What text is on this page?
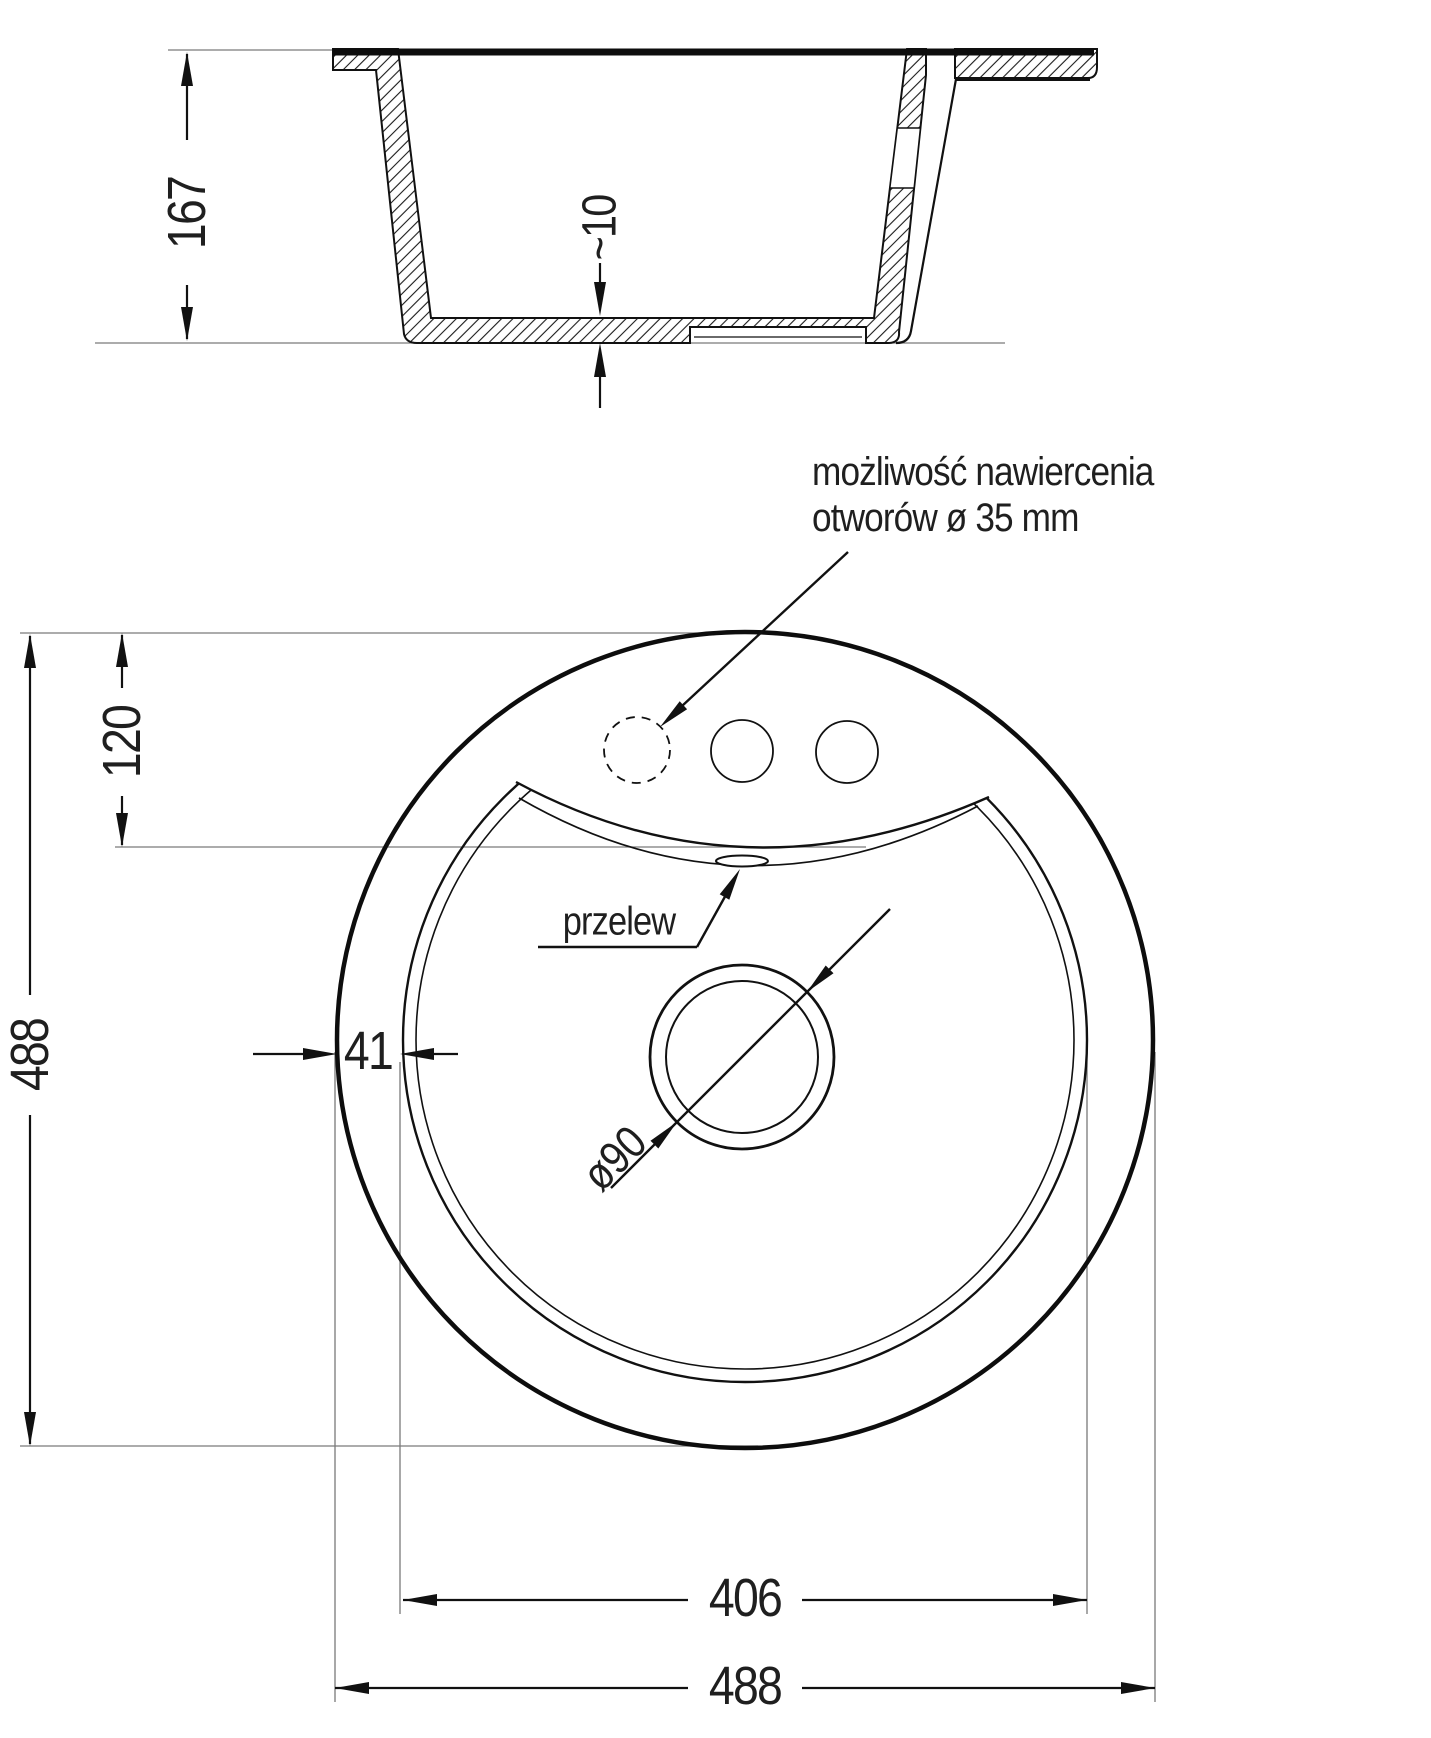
167	~10
możliwość nawiercenia
otworów ø 35 mm
przelew
ø90
488
120
41
406
488
